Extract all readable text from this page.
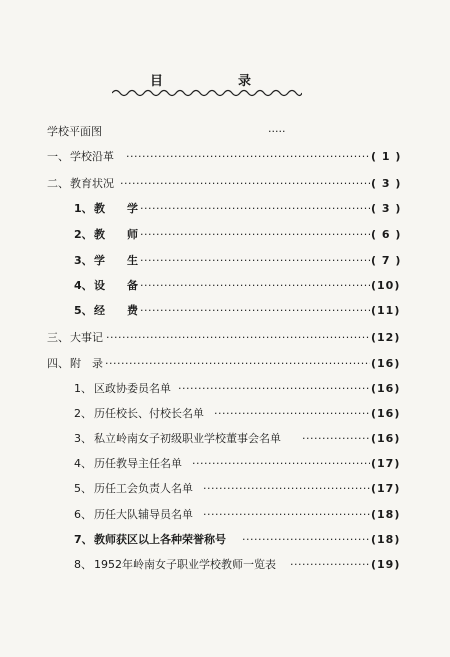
目	录
学校平面图	·····
一、 学校沿革 ·····	( 1 )
二、 教育状况 ·····	( 3 )
1、 教　　学 ·····	( 3 )
2、 教　　师 ·····	( 6 )
3、 学　　生 ·····	( 7 )
4、 设　　备 ·····	(10)
5、 经　　费 ·····	(11)
三、 大事记 ·····	(12)
四、 附　录 ·····	(16)
1、 区政协委员名单 ·····	(16)
2、 历任校长、付校长名单 ·····	(16)
3、 私立岭南女子初级职业学校董事会名单 ·····	(16)
4、 历任教导主任名单 ·····	(17)
5、 历任工会负责人名单 ·····	(17)
6、 历任大队辅导员名单 ·····	(18)
7、 教师获区以上各种荣誉称号 ·····	(18)
8、 1952年岭南女子职业学校教师一览表 ·····	(19)
